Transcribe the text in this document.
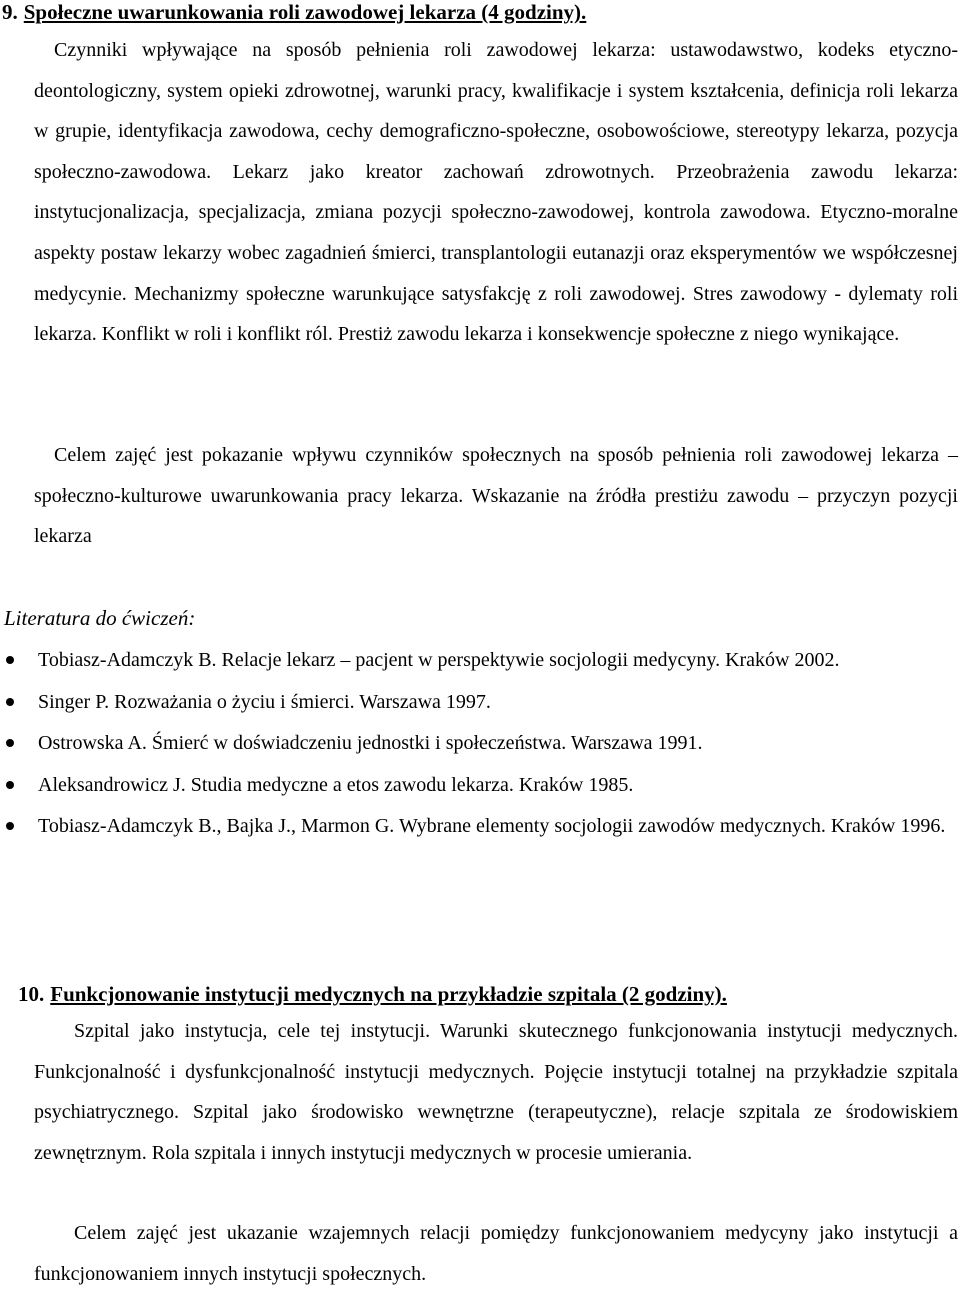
9. Społeczne uwarunkowania roli zawodowej lekarza (4 godziny).

Czynniki wpływające na sposób pełnienia roli zawodowej lekarza: ustawodawstwo, kodeks etyczno-deontologiczny, system opieki zdrowotnej, warunki pracy, kwalifikacje i system kształcenia, definicja roli lekarza w grupie, identyfikacja zawodowa, cechy demograficzno-społeczne, osobowościowe, stereotypy lekarza, pozycja społeczno-zawodowa. Lekarz jako kreator zachowań zdrowotnych. Przeobrażenia zawodu lekarza: instytucjonalizacja, specjalizacja, zmiana pozycji społeczno-zawodowej, kontrola zawodowa. Etyczno-moralne aspekty postaw lekarzy wobec zagadnień śmierci, transplantologii eutanazji oraz eksperymentów we współczesnej medycynie. Mechanizmy społeczne warunkujące satysfakcję z roli zawodowej. Stres zawodowy - dylematy roli lekarza. Konflikt w roli i konflikt ról. Prestiż zawodu lekarza i konsekwencje społeczne z niego wynikające.

Celem zajęć jest pokazanie wpływu czynników społecznych na sposób pełnienia roli zawodowej lekarza – społeczno-kulturowe uwarunkowania pracy lekarza. Wskazanie na źródła prestiżu zawodu – przyczyn pozycji lekarza

Literatura do ćwiczeń:
Tobiasz-Adamczyk B. Relacje lekarz – pacjent w perspektywie socjologii medycyny. Kraków 2002.
Singer P. Rozważania o życiu i śmierci. Warszawa 1997.
Ostrowska A. Śmierć w doświadczeniu jednostki i społeczeństwa. Warszawa 1991.
Aleksandrowicz J. Studia medyczne a etos zawodu lekarza. Kraków 1985.
Tobiasz-Adamczyk B., Bajka J., Marmon G. Wybrane elementy socjologii zawodów medycznych. Kraków 1996.
10. Funkcjonowanie instytucji medycznych na przykładzie szpitala (2 godziny).

Szpital jako instytucja, cele tej instytucji. Warunki skutecznego funkcjonowania instytucji medycznych. Funkcjonalność i dysfunkcjonalność instytucji medycznych. Pojęcie instytucji totalnej na przykładzie szpitala psychiatrycznego. Szpital jako środowisko wewnętrzne (terapeutyczne), relacje szpitala ze środowiskiem zewnętrznym. Rola szpitala i innych instytucji medycznych w procesie umierania.

Celem zajęć jest ukazanie wzajemnych relacji pomiędzy funkcjonowaniem medycyny jako instytucji a funkcjonowaniem innych instytucji społecznych.
